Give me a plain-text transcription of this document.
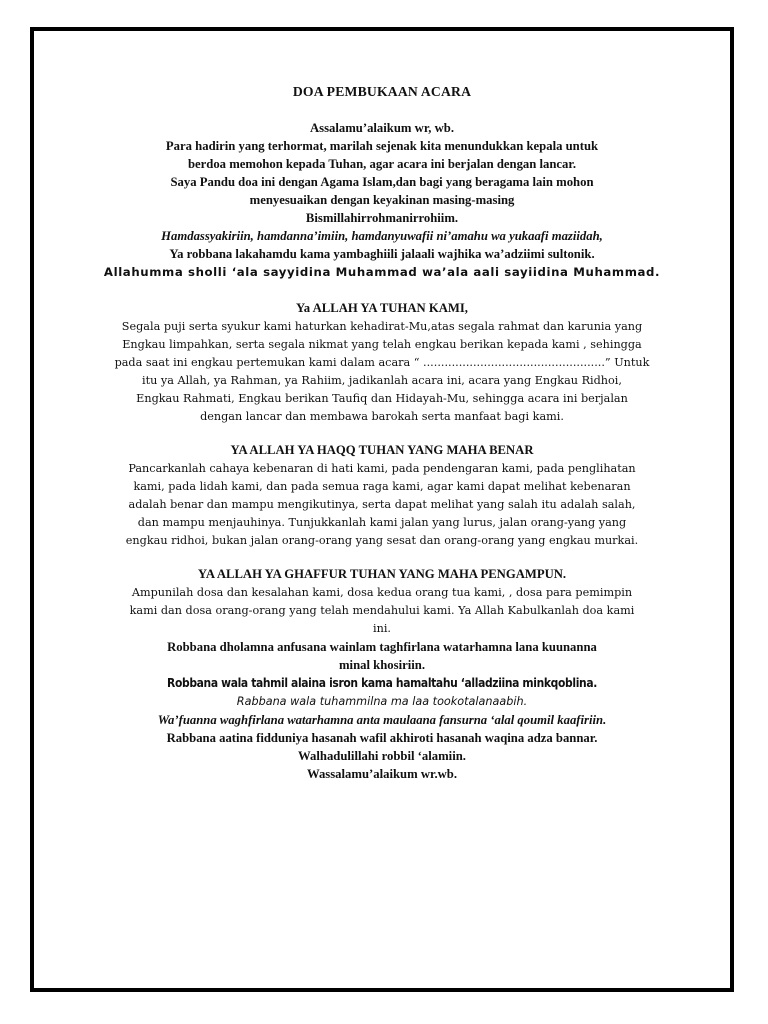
DOA PEMBUKAAN ACARA
Assalamu’alaikum wr, wb.
Para hadirin yang terhormat, marilah sejenak kita menundukkan kepala untuk
berdoa memohon kepada Tuhan, agar acara ini berjalan dengan lancar.
Saya Pandu doa ini dengan Agama Islam,dan bagi yang beragama lain mohon
menyesuaikan dengan keyakinan masing-masing
Bismillahirrohmanirrohiim.
Hamdassyakiriin, hamdanna’imiin, hamdanyuwafii ni’amahu wa yukaafi maziidah,
Ya robbana lakahamdu kama yambaghiili jalaali wajhika wa’adziimi sultonik.
Allahumma sholli ‘ala sayyidina Muhammad wa’ala aali sayiidina Muhammad.
Ya ALLAH YA TUHAN KAMI,
Segala puji serta syukur kami haturkan kehadirat-Mu,atas segala rahmat dan karunia yang
Engkau limpahkan, serta segala nikmat yang telah engkau berikan kepada kami , sehingga
pada saat ini engkau pertemukan kami dalam acara “ ...................................................” Untuk
itu ya Allah, ya Rahman, ya Rahiim, jadikanlah acara ini, acara yang Engkau Ridhoi,
Engkau Rahmati, Engkau berikan Taufiq dan Hidayah-Mu, sehingga acara ini berjalan
dengan lancar dan membawa barokah serta manfaat bagi kami.
YA ALLAH YA HAQQ TUHAN YANG MAHA BENAR
Pancarkanlah cahaya kebenaran di hati kami, pada pendengaran kami, pada penglihatan
kami, pada lidah kami, dan pada semua raga kami, agar kami dapat melihat kebenaran
adalah benar dan mampu mengikutinya, serta dapat melihat yang salah itu adalah salah,
dan mampu menjauhinya. Tunjukkanlah kami jalan yang lurus, jalan orang-yang yang
engkau ridhoi, bukan jalan orang-orang yang sesat dan orang-orang yang engkau murkai.
YA ALLAH YA GHAFFUR TUHAN YANG MAHA PENGAMPUN.
Ampunilah dosa dan kesalahan kami, dosa kedua orang tua kami, , dosa para pemimpin
kami dan dosa orang-orang yang telah mendahului kami. Ya Allah Kabulkanlah doa kami
ini.
Robbana dholamna anfusana wainlam taghfirlana watarhamna lana kuunanna
minal khosiriin.
Robbana wala tahmil alaina isron kama hamaltahu ‘alladziina minkqoblina.
Rabbana wala tuhammilna ma laa tookotalanaabih.
Wa’fuanna waghfirlana watarhamna anta maulaana fansurna ‘alal qoumil kaafiriin.
Rabbana aatina fidduniya hasanah wafil akhiroti hasanah waqina adza bannar.
Walhadulillahi robbil ‘alamiin.
Wassalamu’alaikum wr.wb.
